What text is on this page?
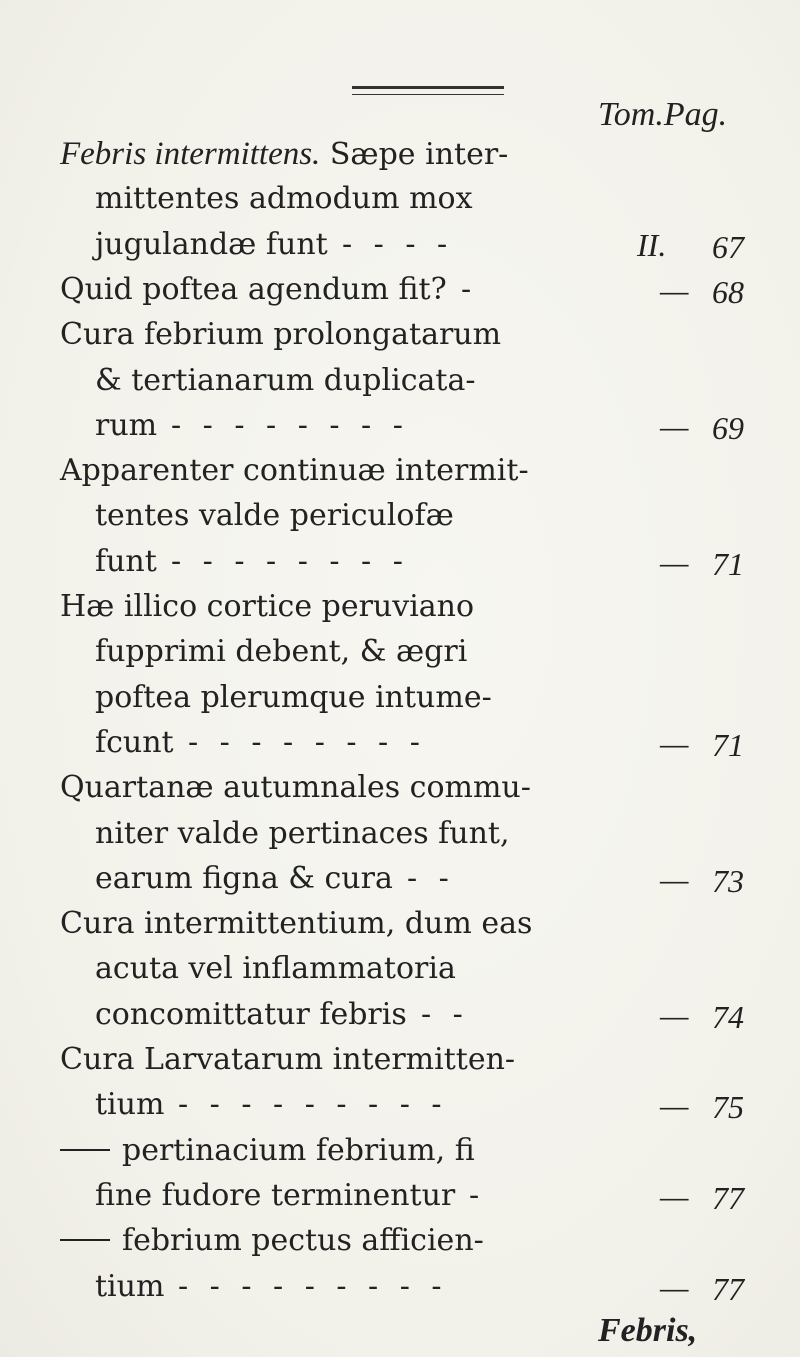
Tom.Pag.
Febris intermittens. Sæpe inter-
mittentes admodum mox
jugulandæ funt - - - -	II. 67
Quid poftea agendum fit? -	— 68
Cura febrium prolongatarum
& tertianarum duplicata-
rum - - - - - - - -	— 69
Apparenter continuæ intermit-
tentes valde periculofæ
funt - - - - - - - -	— 71
Hæ illico cortice peruviano
fupprimi debent, & ægri
poftea plerumque intume-
fcunt - - - - - - - -	— 71
Quartanæ autumnales commu-
niter valde pertinaces funt,
earum figna & cura - -	— 73
Cura intermittentium, dum eas
acuta vel inflammatoria
concomittatur febris - -	— 74
Cura Larvatarum intermitten-
tium - - - - - - - - -	— 75
pertinacium febrium, fi
fine fudore terminentur -	— 77
febrium pectus afficien-
tium - - - - - - - - -	— 77
Febris,
